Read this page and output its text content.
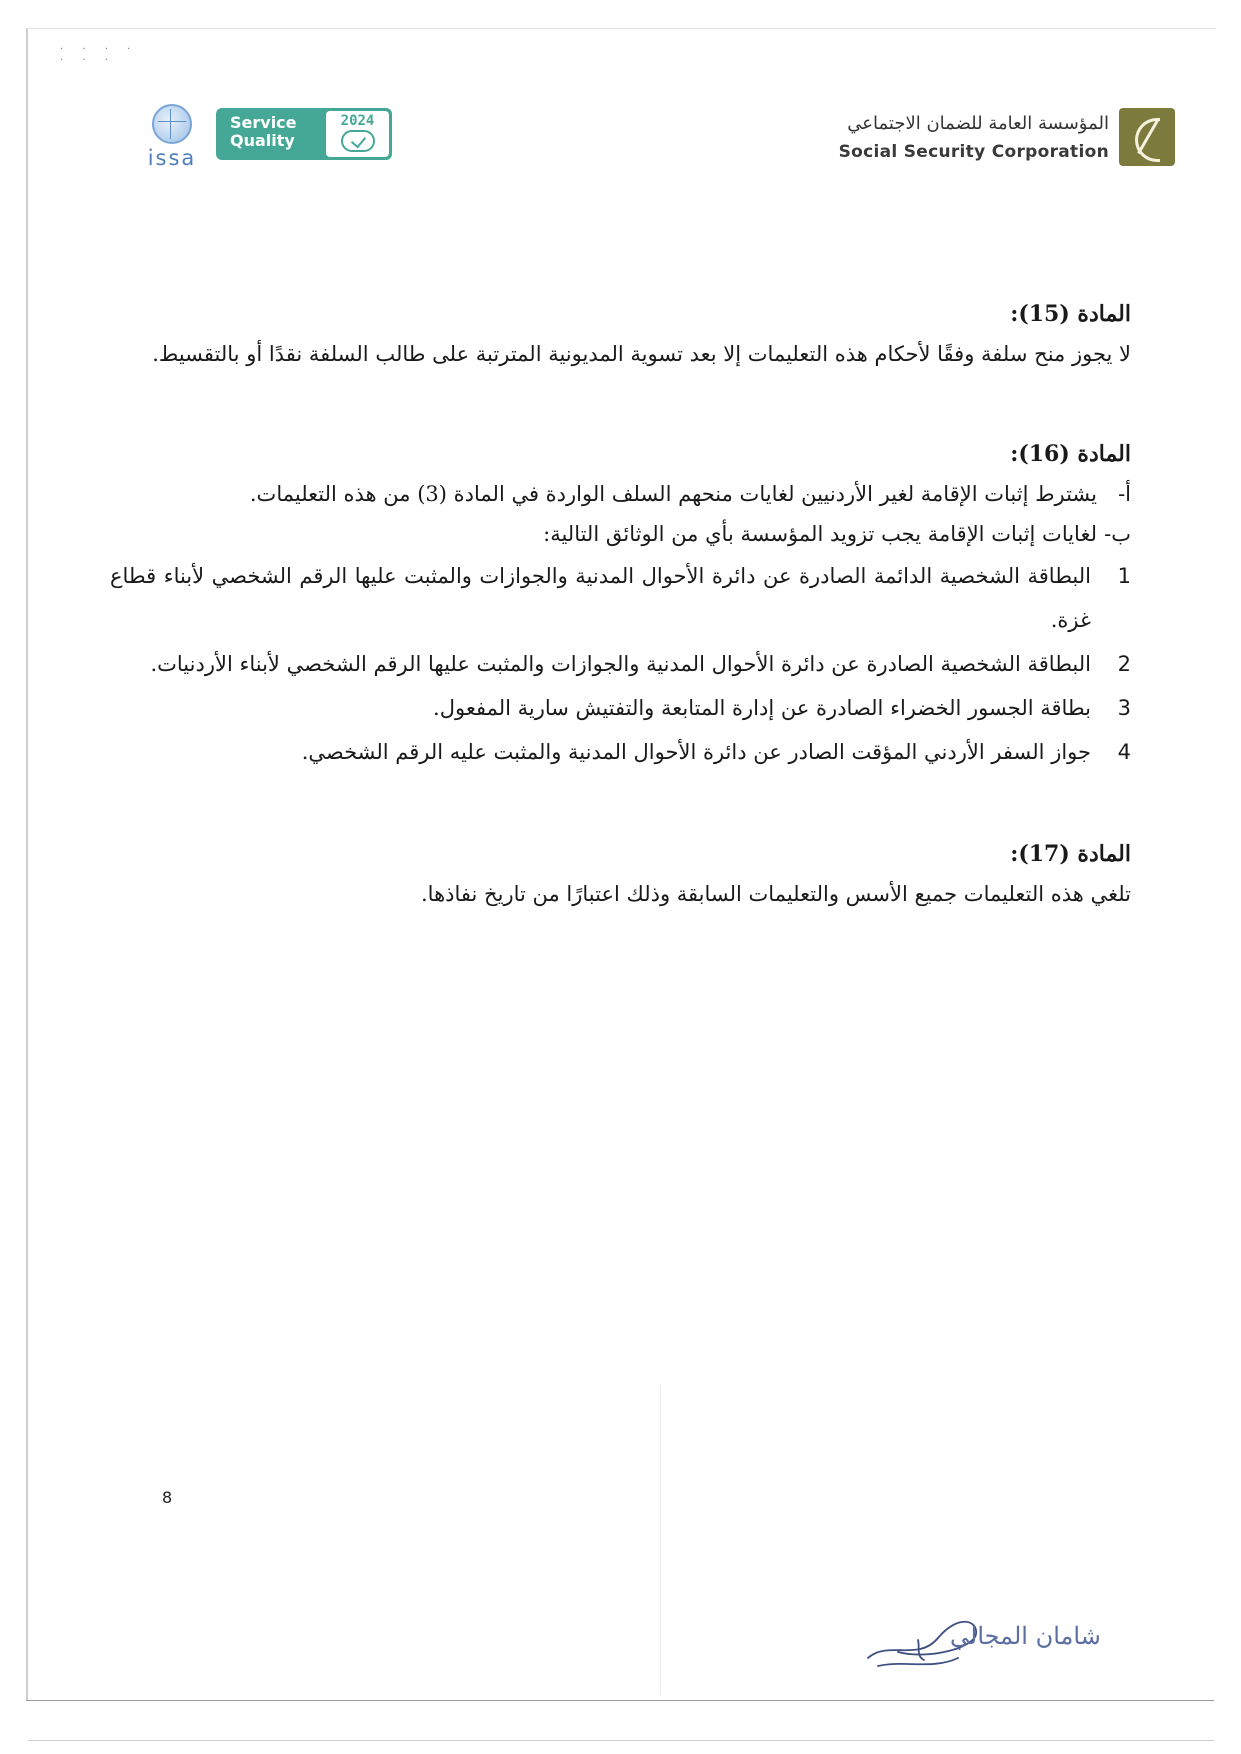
· · · ·
· · ·
المؤسسة العامة للضمان الاجتماعي
Social Security Corporation
issa
Service
Quality
2024
المادة (15):

لا يجوز منح سلفة وفقًا لأحكام هذه التعليمات إلا بعد تسوية المديونية المترتبة على طالب السلفة نقدًا أو بالتقسيط.

المادة (16):
أ-
يشترط إثبات الإقامة لغير الأردنيين لغايات منحهم السلف الواردة في المادة (3) من هذه التعليمات.
ب-
لغايات إثبات الإقامة يجب تزويد المؤسسة بأي من الوثائق التالية:
1
البطاقة الشخصية الدائمة الصادرة عن دائرة الأحوال المدنية والجوازات والمثبت عليها الرقم الشخصي لأبناء قطاع غزة.
2
البطاقة الشخصية الصادرة عن دائرة الأحوال المدنية والجوازات والمثبت عليها الرقم الشخصي لأبناء الأردنيات.
3
بطاقة الجسور الخضراء الصادرة عن إدارة المتابعة والتفتيش سارية المفعول.
4
جواز السفر الأردني المؤقت الصادر عن دائرة الأحوال المدنية والمثبت عليه الرقم الشخصي.
المادة (17):

تلغي هذه التعليمات جميع الأسس والتعليمات السابقة وذلك اعتبارًا من تاريخ نفاذها.

8
شامان المجالي
